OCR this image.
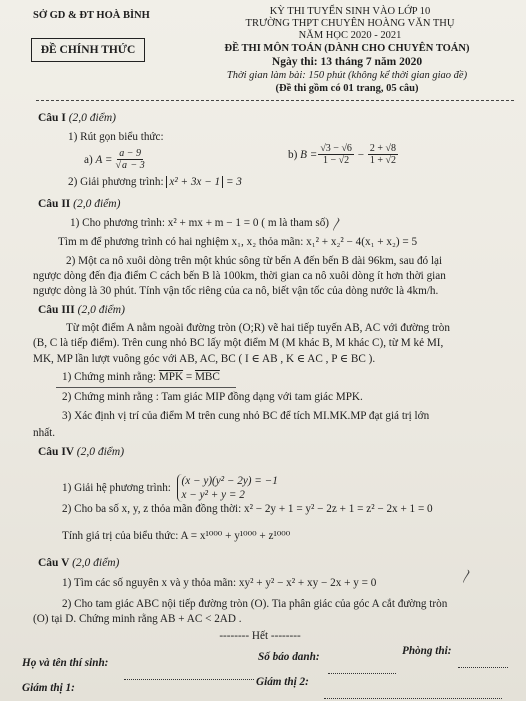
SỞ GD & ĐT HOÀ BÌNH	KỲ THI TUYỂN SINH VÀO LỚP 10
TRƯỜNG THPT CHUYÊN HOÀNG VĂN THỤ
NĂM HỌC 2020 - 2021
ĐỀ CHÍNH THỨC	ĐỀ THI MÔN TOÁN (DÀNH CHO CHUYÊN TOÁN)
Ngày thi: 13 tháng 7 năm 2020
Thời gian làm bài: 150 phút (không kể thời gian giao đề)
(Đề thi gồm có 01 trang, 05 câu)
Câu I (2,0 điểm)
1) Rút gọn biểu thức:
a)
$A = \frac{a - 9}{√a - 3}$	b)
$B = \frac{√3 - √6}{1 - √2}$
−
$\frac{2 + √8}{1 + √2}$
2) Giải phương trình: x² + 3x − 1 = 3
Câu II (2,0 điểm)
1) Cho phương trình: x² + mx + m − 1 = 0 ( m là tham số)
Tìm m để phương trình có hai nghiệm x₁, x₂ thỏa mãn: x₁² + x₂² − 4(x₁ + x₂) = 5
2) Một ca nô xuôi dòng trên một khúc sông từ bến A đến bến B dài 96km, sau đó lại
ngược dòng đến địa điểm C cách bến B là 100km, thời gian ca nô xuôi dòng ít hơn thời gian
ngược dòng là 30 phút. Tính vận tốc riêng của ca nô, biết vận tốc của dòng nước là 4km/h.
Câu III (2,0 điểm)
Từ một điểm A nằm ngoài đường tròn (O;R) vẽ hai tiếp tuyến AB, AC với đường tròn
(B, C là tiếp điểm). Trên cung nhỏ BC lấy một điểm M (M khác B, M khác C), từ M kẻ MI,
MK, MP lần lượt vuông góc với AB, AC, BC ( I ∈ AB , K ∈ AC , P ∈ BC ).
1) Chứng minh rằng: $\overline{MPK} = \overline{MBC}$
2) Chứng minh rằng : Tam giác MIP đồng dạng với tam giác MPK.
3) Xác định vị trí của điểm M trên cung nhỏ BC để tích MI.MK.MP đạt giá trị lớn
nhất.
Câu IV (2,0 điểm)
1) Giải hệ phương trình:

(x − y)(y² − 2y) = −1
x − y² + y = 2
2) Cho ba số x, y, z thỏa mãn đồng thời: x² − 2y + 1 = y² − 2z + 1 = z² − 2x + 1 = 0
Tính giá trị của biểu thức: A = x¹⁰⁰⁰ + y¹⁰⁰⁰ + z¹⁰⁰⁰
Câu V (2,0 điểm)
1) Tìm các số nguyên x và y thỏa mãn: xy² + y² − x² + xy − 2x + y = 0
2) Cho tam giác ABC nội tiếp đường tròn (O). Tia phân giác của góc A cắt đường tròn
(O) tại D. Chứng minh rằng AB + AC < 2AD .
-------- Hết --------
Họ và tên thí sinh:	Số báo danh:	Phòng thi:
Giám thị 1:	Giám thị 2:
〳
〳
